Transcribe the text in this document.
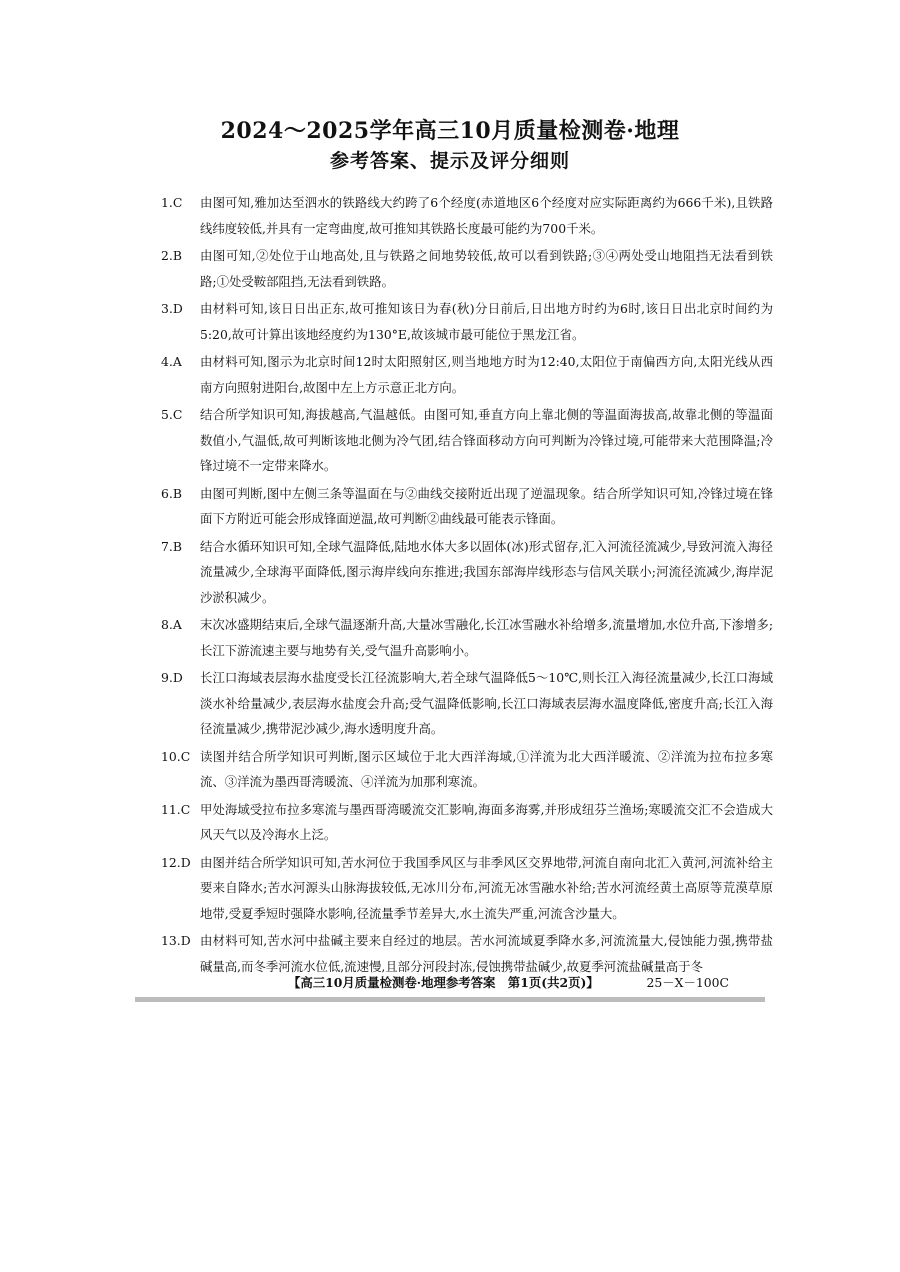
2024～2025学年高三10月质量检测卷·地理
参考答案、提示及评分细则
1.C 由图可知,雅加达至泗水的铁路线大约跨了6个经度(赤道地区6个经度对应实际距离约为666千米),且铁路线纬度较低,并具有一定弯曲度,故可推知其铁路长度最可能约为700千米。
2.B 由图可知,②处位于山地高处,且与铁路之间地势较低,故可以看到铁路;③④两处受山地阻挡无法看到铁路;①处受鞍部阻挡,无法看到铁路。
3.D 由材料可知,该日日出正东,故可推知该日为春(秋)分日前后,日出地方时约为6时,该日日出北京时间约为5:20,故可计算出该地经度约为130°E,故该城市最可能位于黑龙江省。
4.A 由材料可知,图示为北京时间12时太阳照射区,则当地地方时为12:40,太阳位于南偏西方向,太阳光线从西南方向照射进阳台,故图中左上方示意正北方向。
5.C 结合所学知识可知,海拔越高,气温越低。由图可知,垂直方向上靠北侧的等温面海拔高,故靠北侧的等温面数值小,气温低,故可判断该地北侧为冷气团,结合锋面移动方向可判断为冷锋过境,可能带来大范围降温;冷锋过境不一定带来降水。
6.B 由图可判断,图中左侧三条等温面在与②曲线交接附近出现了逆温现象。结合所学知识可知,冷锋过境在锋面下方附近可能会形成锋面逆温,故可判断②曲线最可能表示锋面。
7.B 结合水循环知识可知,全球气温降低,陆地水体大多以固体(冰)形式留存,汇入河流径流减少,导致河流入海径流量减少,全球海平面降低,图示海岸线向东推进;我国东部海岸线形态与信风关联小;河流径流减少,海岸泥沙淤积减少。
8.A 末次冰盛期结束后,全球气温逐渐升高,大量冰雪融化,长江冰雪融水补给增多,流量增加,水位升高,下渗增多;长江下游流速主要与地势有关,受气温升高影响小。
9.D 长江口海域表层海水盐度受长江径流影响大,若全球气温降低5～10℃,则长江入海径流量减少,长江口海域淡水补给量减少,表层海水盐度会升高;受气温降低影响,长江口海域表层海水温度降低,密度升高;长江入海径流量减少,携带泥沙减少,海水透明度升高。
10.C 读图并结合所学知识可判断,图示区域位于北大西洋海域,①洋流为北大西洋暖流、②洋流为拉布拉多寒流、③洋流为墨西哥湾暖流、④洋流为加那利寒流。
11.C 甲处海域受拉布拉多寒流与墨西哥湾暖流交汇影响,海面多海雾,并形成纽芬兰渔场;寒暖流交汇不会造成大风天气以及冷海水上泛。
12.D 由图并结合所学知识可知,苦水河位于我国季风区与非季风区交界地带,河流自南向北汇入黄河,河流补给主要来自降水;苦水河源头山脉海拔较低,无冰川分布,河流无冰雪融水补给;苦水河流经黄土高原等荒漠草原地带,受夏季短时强降水影响,径流量季节差异大,水土流失严重,河流含沙量大。
13.D 由材料可知,苦水河中盐碱主要来自经过的地层。苦水河流域夏季降水多,河流流量大,侵蚀能力强,携带盐碱量高,而冬季河流水位低,流速慢,且部分河段封冻,侵蚀携带盐碱少,故夏季河流盐碱量高于冬
【高三10月质量检测卷·地理参考答案　第1页(共2页)】	25－X－100C
